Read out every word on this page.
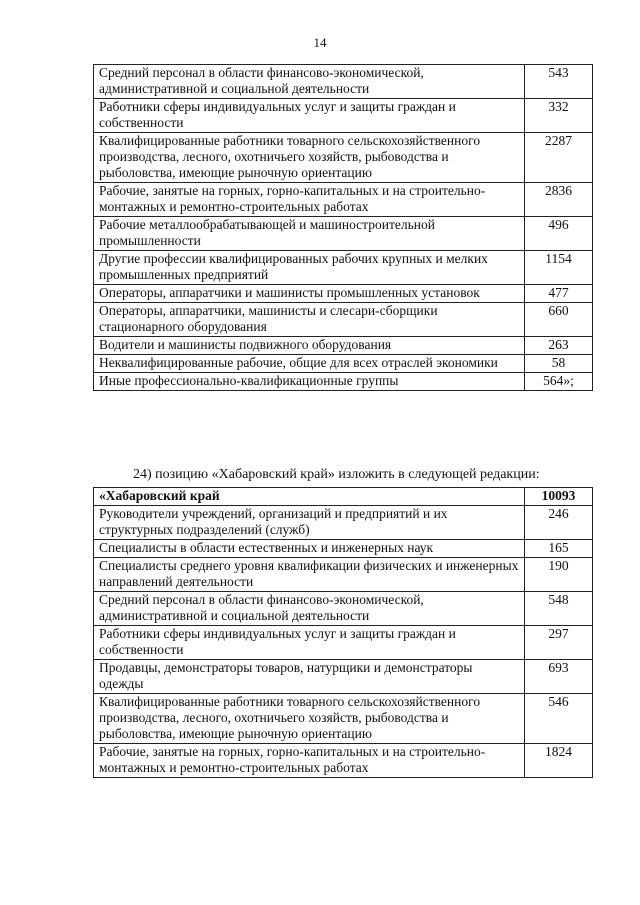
14
Средний персонал в области финансово-экономической, административной и социальной деятельности	543
Работники сферы индивидуальных услуг и защиты граждан и собственности	332
Квалифицированные работники товарного сельскохозяйственного производства, лесного, охотничьего хозяйств, рыбоводства и рыболовства, имеющие рыночную ориентацию	2287
Рабочие, занятые на горных, горно-капитальных и на строительно-монтажных и ремонтно-строительных работах	2836
Рабочие металлообрабатывающей и машиностроительной промышленности	496
Другие профессии квалифицированных рабочих крупных и мелких промышленных предприятий	1154
Операторы, аппаратчики и машинисты промышленных установок	477
Операторы, аппаратчики, машинисты и слесари-сборщики стационарного оборудования	660
Водители и машинисты подвижного оборудования	263
Неквалифицированные рабочие, общие для всех отраслей экономики	58
Иные профессионально-квалификационные группы	564»;
24) позицию «Хабаровский край» изложить в следующей редакции:
«Хабаровский край	10093
Руководители учреждений, организаций и предприятий и их структурных подразделений (служб)	246
Специалисты в области естественных и инженерных наук	165
Специалисты среднего уровня квалификации физических и инженерных направлений деятельности	190
Средний персонал в области финансово-экономической, административной и социальной деятельности	548
Работники сферы индивидуальных услуг и защиты граждан и собственности	297
Продавцы, демонстраторы товаров, натурщики и демонстраторы одежды	693
Квалифицированные работники товарного сельскохозяйственного производства, лесного, охотничьего хозяйств, рыбоводства и рыболовства, имеющие рыночную ориентацию	546
Рабочие, занятые на горных, горно-капитальных и на строительно-монтажных и ремонтно-строительных работах	1824
